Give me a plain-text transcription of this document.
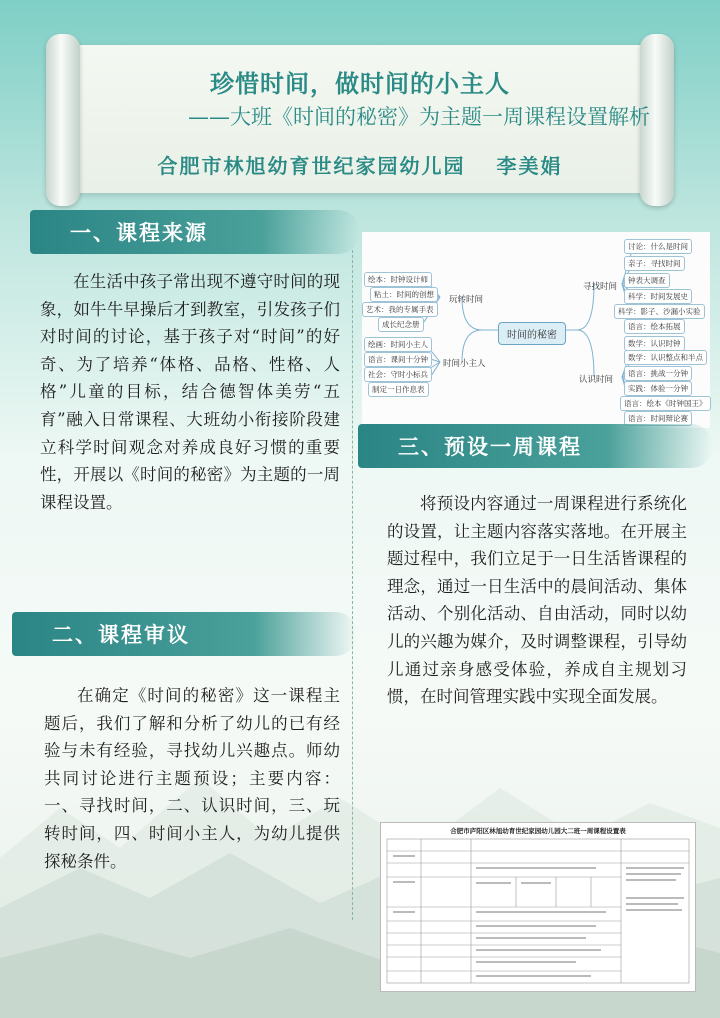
珍惜时间，做时间的小主人
——大班《时间的秘密》为主题一周课程设置解析
合肥市林旭幼育世纪家园幼儿园　 李美娟
一、课程来源

在生活中孩子常出现不遵守时间的现象，如牛牛早操后才到教室，引发孩子们对时间的讨论，基于孩子对“时间”的好奇、为了培养“体格、品格、性格、人格”儿童的目标，结合德智体美劳“五育”融入日常课程、大班幼小衔接阶段建立科学时间观念对养成良好习惯的重要性，开展以《时间的秘密》为主题的一周课程设置。

二、课程审议

在确定《时间的秘密》这一课程主题后，我们了解和分析了幼儿的已有经验与未有经验，寻找幼儿兴趣点。师幼共同讨论进行主题预设；主要内容：一、寻找时间，二、认识时间，三、玩转时间，四、时间小主人，为幼儿提供探秘条件。

时间的秘密
玩转时间
绘本：时钟设计师
粘土：时间的创想
艺术：我的专属手表
成长纪念册
时间小主人
绘画：时间小主人
语言：课间十分钟
社会：守时小标兵
制定一日作息表
寻找时间
讨论：什么是时间
亲子：寻找时间
钟表大调查
科学：时间发展史
科学：影子、沙漏小实验
语言：绘本拓展
认识时间
数学：认识时钟
数学：认识整点和半点
语言：挑战一分钟
实践：体验一分钟
语言：绘本《时钟国王》
语言：时间辩论赛
三、预设一周课程

将预设内容通过一周课程进行系统化的设置，让主题内容落实落地。在开展主题过程中，我们立足于一日生活皆课程的理念，通过一日生活中的晨间活动、集体活动、个别化活动、自由活动，同时以幼儿的兴趣为媒介，及时调整课程，引导幼儿通过亲身感受体验，养成自主规划习惯，在时间管理实践中实现全面发展。

合肥市庐阳区林旭幼育世纪家园幼儿园大二班一周课程设置表
